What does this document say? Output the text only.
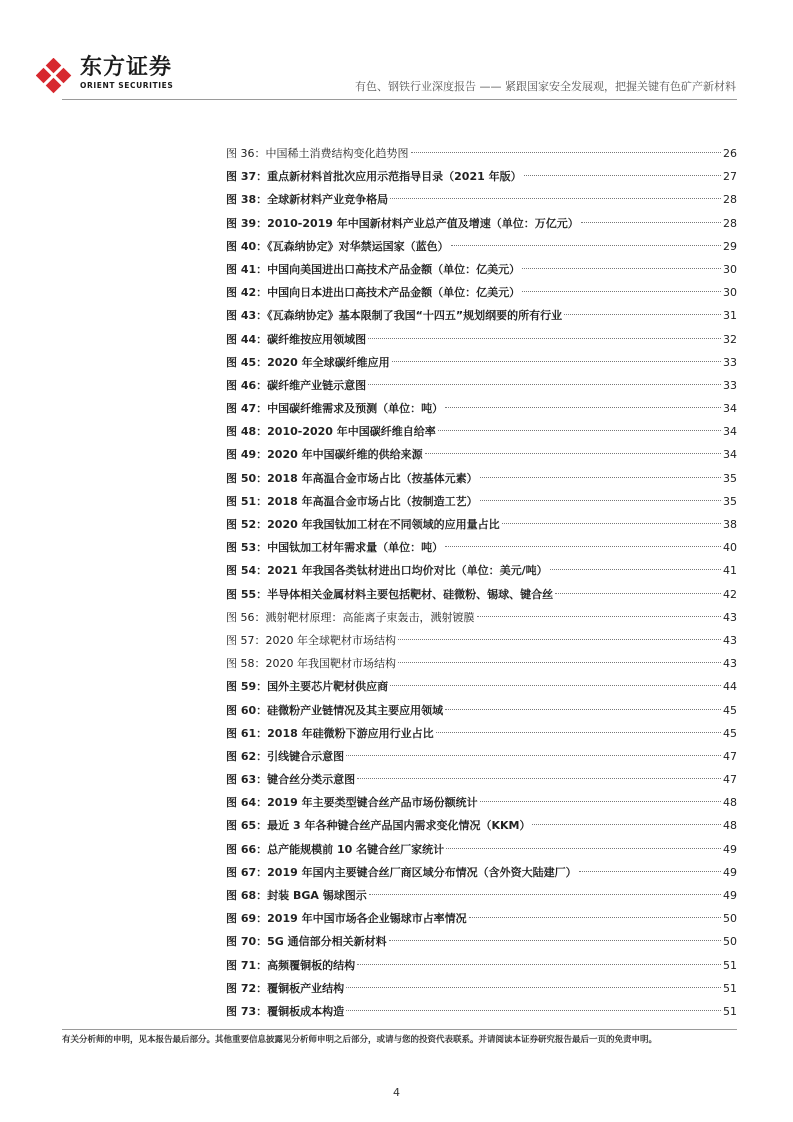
东方证券
ORIENT SECURITIES	有色、钢铁行业深度报告 —— 紧跟国家安全发展观，把握关键有色矿产新材料
图 36：中国稀土消费结构变化趋势图	26
图 37：重点新材料首批次应用示范指导目录（2021 年版）	27
图 38：全球新材料产业竞争格局	28
图 39：2010-2019 年中国新材料产业总产值及增速（单位：万亿元）	28
图 40：《瓦森纳协定》对华禁运国家（蓝色）	29
图 41：中国向美国进出口高技术产品金额（单位：亿美元）	30
图 42：中国向日本进出口高技术产品金额（单位：亿美元）	30
图 43：《瓦森纳协定》基本限制了我国“十四五”规划纲要的所有行业	31
图 44：碳纤维按应用领域图	32
图 45：2020 年全球碳纤维应用	33
图 46：碳纤维产业链示意图	33
图 47：中国碳纤维需求及预测（单位：吨）	34
图 48：2010-2020 年中国碳纤维自给率	34
图 49：2020 年中国碳纤维的供给来源	34
图 50：2018 年高温合金市场占比（按基体元素）	35
图 51：2018 年高温合金市场占比（按制造工艺）	35
图 52：2020 年我国钛加工材在不同领域的应用量占比	38
图 53：中国钛加工材年需求量（单位：吨）	40
图 54：2021 年我国各类钛材进出口均价对比（单位：美元/吨）	41
图 55：半导体相关金属材料主要包括靶材、硅微粉、锡球、键合丝	42
图 56：溅射靶材原理：高能离子束轰击，溅射镀膜	43
图 57：2020 年全球靶材市场结构	43
图 58：2020 年我国靶材市场结构	43
图 59：国外主要芯片靶材供应商	44
图 60：硅微粉产业链情况及其主要应用领域	45
图 61：2018 年硅微粉下游应用行业占比	45
图 62：引线键合示意图	47
图 63：键合丝分类示意图	47
图 64：2019 年主要类型键合丝产品市场份额统计	48
图 65：最近 3 年各种键合丝产品国内需求变化情况（KKM）	48
图 66：总产能规模前 10 名键合丝厂家统计	49
图 67：2019 年国内主要键合丝厂商区域分布情况（含外资大陆建厂）	49
图 68：封装 BGA 锡球图示	49
图 69：2019 年中国市场各企业锡球市占率情况	50
图 70：5G 通信部分相关新材料	50
图 71：高频覆铜板的结构	51
图 72：覆铜板产业结构	51
图 73：覆铜板成本构造	51
有关分析师的申明，见本报告最后部分。其他重要信息披露见分析师申明之后部分，或请与您的投资代表联系。并请阅读本证券研究报告最后一页的免责申明。
4
